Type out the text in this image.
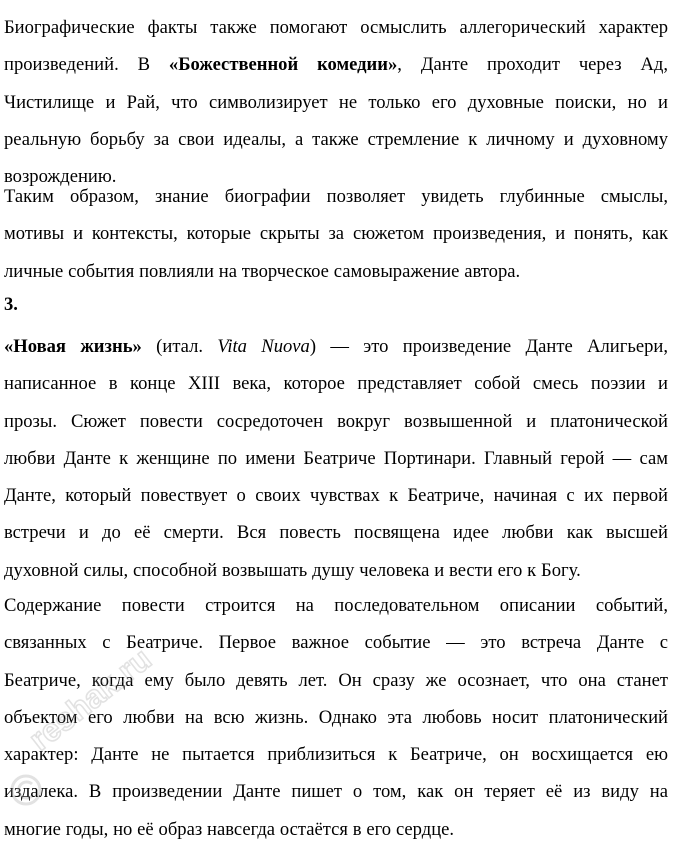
Биографические факты также помогают осмыслить аллегорический характер
произведений. В «Божественной комедии», Данте проходит через Ад,
Чистилище и Рай, что символизирует не только его духовные поиски, но и
реальную борьбу за свои идеалы, а также стремление к личному и духовному
возрождению.

Таким образом, знание биографии позволяет увидеть глубинные смыслы,
мотивы и контексты, которые скрыты за сюжетом произведения, и понять, как
личные события повлияли на творческое самовыражение автора.

3.

«Новая жизнь» (итал. Vita Nuova) — это произведение Данте Алигьери,
написанное в конце XIII века, которое представляет собой смесь поэзии и
прозы. Сюжет повести сосредоточен вокруг возвышенной и платонической
любви Данте к женщине по имени Беатриче Портинари. Главный герой — сам
Данте, который повествует о своих чувствах к Беатриче, начиная с их первой
встречи и до её смерти. Вся повесть посвящена идее любви как высшей
духовной силы, способной возвышать душу человека и вести его к Богу.

Содержание повести строится на последовательном описании событий,
связанных с Беатриче. Первое важное событие — это встреча Данте с
Беатриче, когда ему было девять лет. Он сразу же осознает, что она станет
объектом его любви на всю жизнь. Однако эта любовь носит платонический
характер: Данте не пытается приблизиться к Беатриче, он восхищается ею
издалека. В произведении Данте пишет о том, как он теряет её из виду на
многие годы, но её образ навсегда остаётся в его сердце.

reshak.ru
